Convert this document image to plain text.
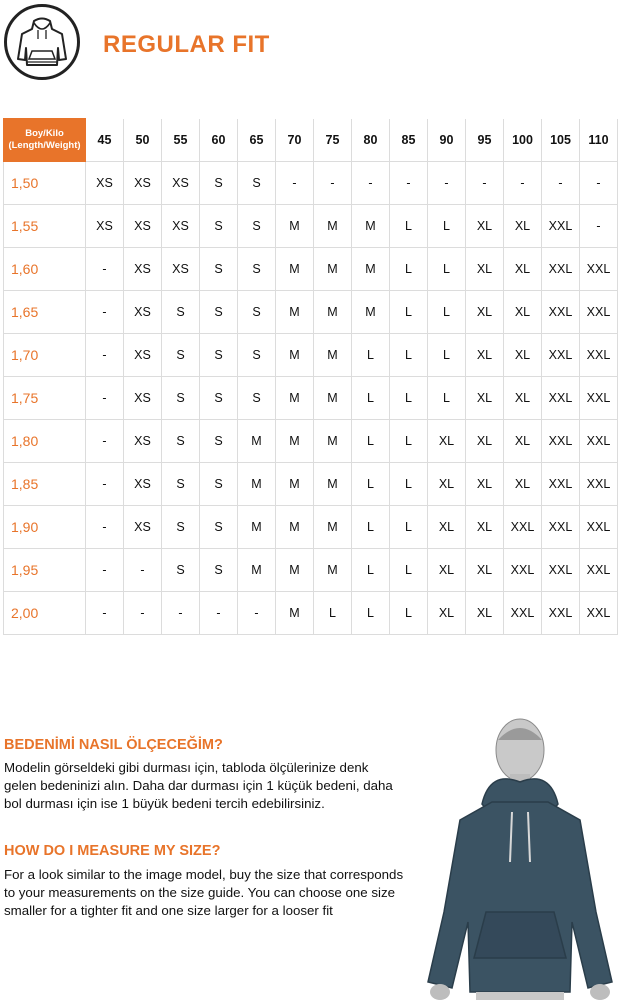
REGULAR FIT
Boy/Kilo
(Length/Weight)	45	50	55	60	65	70	75	80	85	90	95	100	105	110
1,50	XS	XS	XS	S	S	-	-	-	-	-	-	-	-	-
1,55	XS	XS	XS	S	S	M	M	M	L	L	XL	XL	XXL	-
1,60	-	XS	XS	S	S	M	M	M	L	L	XL	XL	XXL	XXL
1,65	-	XS	S	S	S	M	M	M	L	L	XL	XL	XXL	XXL
1,70	-	XS	S	S	S	M	M	L	L	L	XL	XL	XXL	XXL
1,75	-	XS	S	S	S	M	M	L	L	L	XL	XL	XXL	XXL
1,80	-	XS	S	S	M	M	M	L	L	XL	XL	XL	XXL	XXL
1,85	-	XS	S	S	M	M	M	L	L	XL	XL	XL	XXL	XXL
1,90	-	XS	S	S	M	M	M	L	L	XL	XL	XXL	XXL	XXL
1,95	-	-	S	S	M	M	M	L	L	XL	XL	XXL	XXL	XXL
2,00	-	-	-	-	-	M	L	L	L	XL	XL	XXL	XXL	XXL
BEDENİMİ NASIL ÖLÇECEĞİM?

Modelin görseldeki gibi durması için, tabloda ölçülerinize denk gelen bedeninizi alın. Daha dar durması için 1 küçük bedeni, daha bol durması için ise 1 büyük bedeni tercih edebilirsiniz.

HOW DO I MEASURE MY SIZE?

For a look similar to the image model, buy the size that corresponds to your measurements on the size guide. You can choose one size smaller for a tighter fit and one size larger for a looser fit
